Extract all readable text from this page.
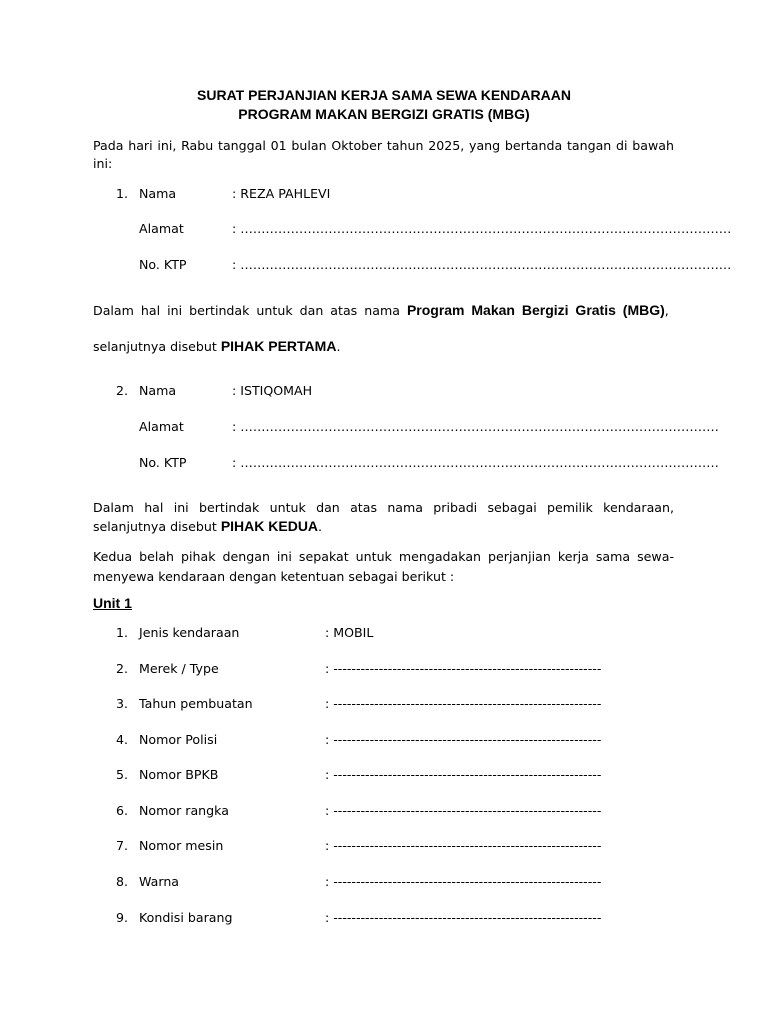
SURAT PERJANJIAN KERJA SAMA SEWA KENDARAAN
PROGRAM MAKAN BERGIZI GRATIS (MBG)
Pada hari ini, Rabu tanggal 01 bulan Oktober tahun 2025, yang bertanda tangan di bawah ini:
1. Nama	: REZA PAHLEVI
Alamat	: ………………………………………………………………………………………………………
No. KTP	: ………………………………………………………………………………………………………
Dalam hal ini bertindak untuk dan atas nama Program Makan Bergizi Gratis (MBG),
selanjutnya disebut PIHAK PERTAMA.
2. Nama	: ISTIQOMAH
Alamat	: ……………………………………………………………………………………………………
No. KTP	: ……………………………………………………………………………………………………
Dalam hal ini bertindak untuk dan atas nama pribadi sebagai pemilik kendaraan, selanjutnya disebut PIHAK KEDUA.
Kedua belah pihak dengan ini sepakat untuk mengadakan perjanjian kerja sama sewa-menyewa kendaraan dengan ketentuan sebagai berikut :
Unit 1
1. Jenis kendaraan	: MOBIL
2. Merek / Type	: -----------------------------------------------------------
3. Tahun pembuatan	: -----------------------------------------------------------
4. Nomor Polisi	: -----------------------------------------------------------
5. Nomor BPKB	: -----------------------------------------------------------
6. Nomor rangka	: -----------------------------------------------------------
7. Nomor mesin	: -----------------------------------------------------------
8. Warna	: -----------------------------------------------------------
9. Kondisi barang	: -----------------------------------------------------------
